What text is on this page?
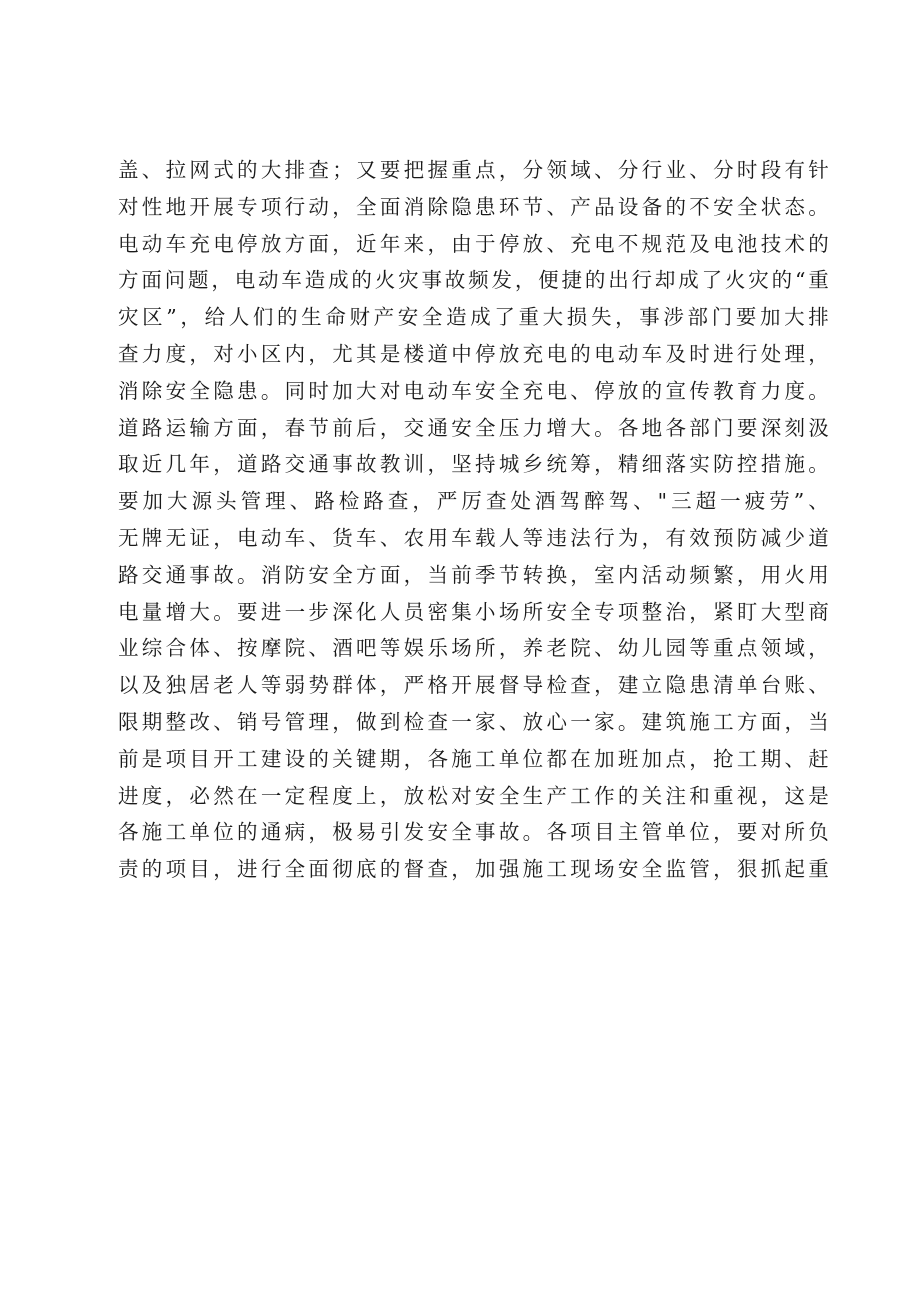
盖、拉网式的大排查；又要把握重点，分领域、分行业、分时段有针
对性地开展专项行动，全面消除隐患环节、产品设备的不安全状态。
电动车充电停放方面，近年来，由于停放、充电不规范及电池技术的
方面问题，电动车造成的火灾事故频发，便捷的出行却成了火灾的“重
灾区”，给人们的生命财产安全造成了重大损失，事涉部门要加大排
查力度，对小区内，尤其是楼道中停放充电的电动车及时进行处理，
消除安全隐患。同时加大对电动车安全充电、停放的宣传教育力度。
道路运输方面，春节前后，交通安全压力增大。各地各部门要深刻汲
取近几年，道路交通事故教训，坚持城乡统筹，精细落实防控措施。
要加大源头管理、路检路查，严厉查处酒驾醉驾、"三超一疲劳”、
无牌无证，电动车、货车、农用车载人等违法行为，有效预防减少道
路交通事故。消防安全方面，当前季节转换，室内活动频繁，用火用
电量增大。要进一步深化人员密集小场所安全专项整治，紧盯大型商
业综合体、按摩院、酒吧等娱乐场所，养老院、幼儿园等重点领域，
以及独居老人等弱势群体，严格开展督导检查，建立隐患清单台账、
限期整改、销号管理，做到检查一家、放心一家。建筑施工方面，当
前是项目开工建设的关键期，各施工单位都在加班加点，抢工期、赶
进度，必然在一定程度上，放松对安全生产工作的关注和重视，这是
各施工单位的通病，极易引发安全事故。各项目主管单位，要对所负
责的项目，进行全面彻底的督查，加强施工现场安全监管，狠抓起重
